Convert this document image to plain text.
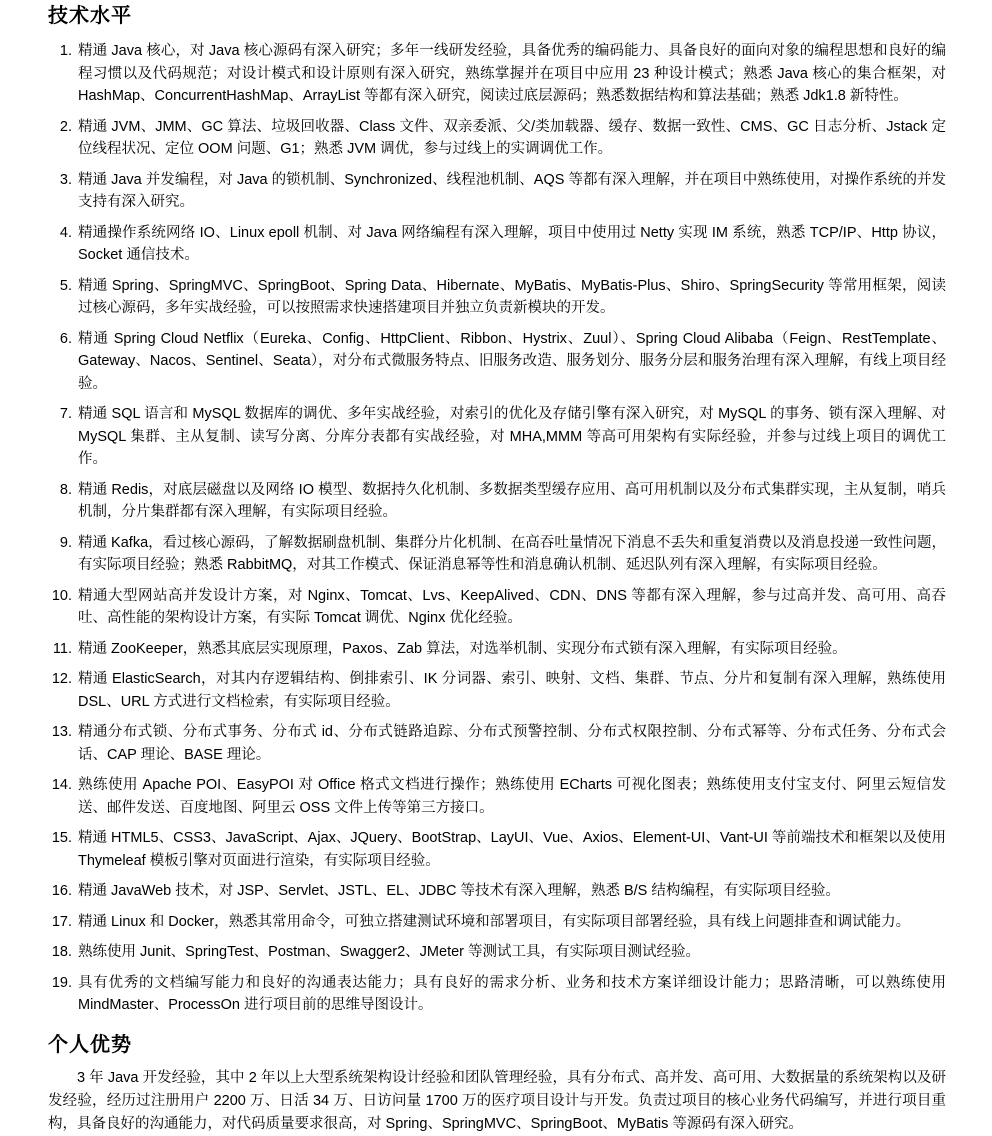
技术水平
精通 Java 核心，对 Java 核心源码有深入研究；多年一线研发经验，具备优秀的编码能力、具备良好的面向对象的编程思想和良好的编程习惯以及代码规范；对设计模式和设计原则有深入研究，熟练掌握并在项目中应用 23 种设计模式；熟悉 Java 核心的集合框架，对 HashMap、ConcurrentHashMap、ArrayList 等都有深入研究，阅读过底层源码；熟悉数据结构和算法基础；熟悉 Jdk1.8 新特性。
精通 JVM、JMM、GC 算法、垃圾回收器、Class 文件、双亲委派、父/类加载器、缓存、数据一致性、CMS、GC 日志分析、Jstack 定位线程状况、定位 OOM 问题、G1；熟悉 JVM 调优，参与过线上的实调调优工作。
精通 Java 并发编程，对 Java 的锁机制、Synchronized、线程池机制、AQS 等都有深入理解，并在项目中熟练使用，对操作系统的并发支持有深入研究。
精通操作系统网络 IO、Linux epoll 机制、对 Java 网络编程有深入理解，项目中使用过 Netty 实现 IM 系统，熟悉 TCP/IP、Http 协议，Socket 通信技术。
精通 Spring、SpringMVC、SpringBoot、Spring Data、Hibernate、MyBatis、MyBatis-Plus、Shiro、SpringSecurity 等常用框架，阅读过核心源码，多年实战经验，可以按照需求快速搭建项目并独立负责新模块的开发。
精通 Spring Cloud Netflix（Eureka、Config、HttpClient、Ribbon、Hystrix、Zuul）、Spring Cloud Alibaba（Feign、RestTemplate、Gateway、Nacos、Sentinel、Seata），对分布式微服务特点、旧服务改造、服务划分、服务分层和服务治理有深入理解，有线上项目经验。
精通 SQL 语言和 MySQL 数据库的调优、多年实战经验，对索引的优化及存储引擎有深入研究，对 MySQL 的事务、锁有深入理解、对 MySQL 集群、主从复制、读写分离、分库分表都有实战经验，对 MHA,MMM 等高可用架构有实际经验，并参与过线上项目的调优工作。
精通 Redis，对底层磁盘以及网络 IO 模型、数据持久化机制、多数据类型缓存应用、高可用机制以及分布式集群实现，主从复制，哨兵机制，分片集群都有深入理解，有实际项目经验。
精通 Kafka，看过核心源码，了解数据刷盘机制、集群分片化机制、在高吞吐量情况下消息不丢失和重复消费以及消息投递一致性问题，有实际项目经验；熟悉 RabbitMQ，对其工作模式、保证消息幂等性和消息确认机制、延迟队列有深入理解，有实际项目经验。
精通大型网站高并发设计方案，对 Nginx、Tomcat、Lvs、KeepAlived、CDN、DNS 等都有深入理解，参与过高并发、高可用、高吞吐、高性能的架构设计方案，有实际 Tomcat 调优、Nginx 优化经验。
精通 ZooKeeper，熟悉其底层实现原理，Paxos、Zab 算法，对选举机制、实现分布式锁有深入理解，有实际项目经验。
精通 ElasticSearch，对其内存逻辑结构、倒排索引、IK 分词器、索引、映射、文档、集群、节点、分片和复制有深入理解，熟练使用 DSL、URL 方式进行文档检索，有实际项目经验。
精通分布式锁、分布式事务、分布式 id、分布式链路追踪、分布式预警控制、分布式权限控制、分布式幂等、分布式任务、分布式会话、CAP 理论、BASE 理论。
熟练使用 Apache POI、EasyPOI 对 Office 格式文档进行操作；熟练使用 ECharts 可视化图表；熟练使用支付宝支付、阿里云短信发送、邮件发送、百度地图、阿里云 OSS 文件上传等第三方接口。
精通 HTML5、CSS3、JavaScript、Ajax、JQuery、BootStrap、LayUI、Vue、Axios、Element-UI、Vant-UI 等前端技术和框架以及使用 Thymeleaf 模板引擎对页面进行渲染，有实际项目经验。
精通 JavaWeb 技术，对 JSP、Servlet、JSTL、EL、JDBC 等技术有深入理解，熟悉 B/S 结构编程，有实际项目经验。
精通 Linux 和 Docker，熟悉其常用命令，可独立搭建测试环境和部署项目，有实际项目部署经验，具有线上问题排查和调试能力。
熟练使用 Junit、SpringTest、Postman、Swagger2、JMeter 等测试工具，有实际项目测试经验。
具有优秀的文档编写能力和良好的沟通表达能力；具有良好的需求分析、业务和技术方案详细设计能力；思路清晰，可以熟练使用 MindMaster、ProcessOn 进行项目前的思维导图设计。
个人优势

3 年 Java 开发经验，其中 2 年以上大型系统架构设计经验和团队管理经验，具有分布式、高并发、高可用、大数据量的系统架构以及研发经验，经历过注册用户 2200 万、日活 34 万、日访问量 1700 万的医疗项目设计与开发。负责过项目的核心业务代码编写，并进行项目重构，具备良好的沟通能力，对代码质量要求很高，对 Spring、SpringMVC、SpringBoot、MyBatis 等源码有深入研究。
